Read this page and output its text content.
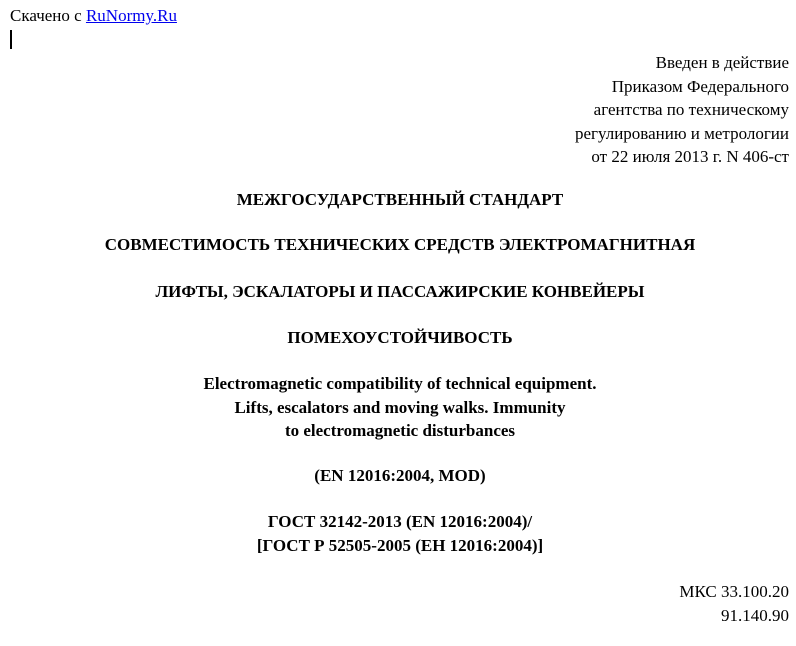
Скачено с RuNormy.Ru
Введен в действие
Приказом Федерального
агентства по техническому
регулированию и метрологии
от 22 июля 2013 г. N 406-ст
МЕЖГОСУДАРСТВЕННЫЙ СТАНДАРТ
СОВМЕСТИМОСТЬ ТЕХНИЧЕСКИХ СРЕДСТВ ЭЛЕКТРОМАГНИТНАЯ
ЛИФТЫ, ЭСКАЛАТОРЫ И ПАССАЖИРСКИЕ КОНВЕЙЕРЫ
ПОМЕХОУСТОЙЧИВОСТЬ
Electromagnetic compatibility of technical equipment.
Lifts, escalators and moving walks. Immunity
to electromagnetic disturbances
(EN 12016:2004, MOD)
ГОСТ 32142-2013 (EN 12016:2004)/
[ГОСТ Р 52505-2005 (ЕН 12016:2004)]
МКС 33.100.20
91.140.90
